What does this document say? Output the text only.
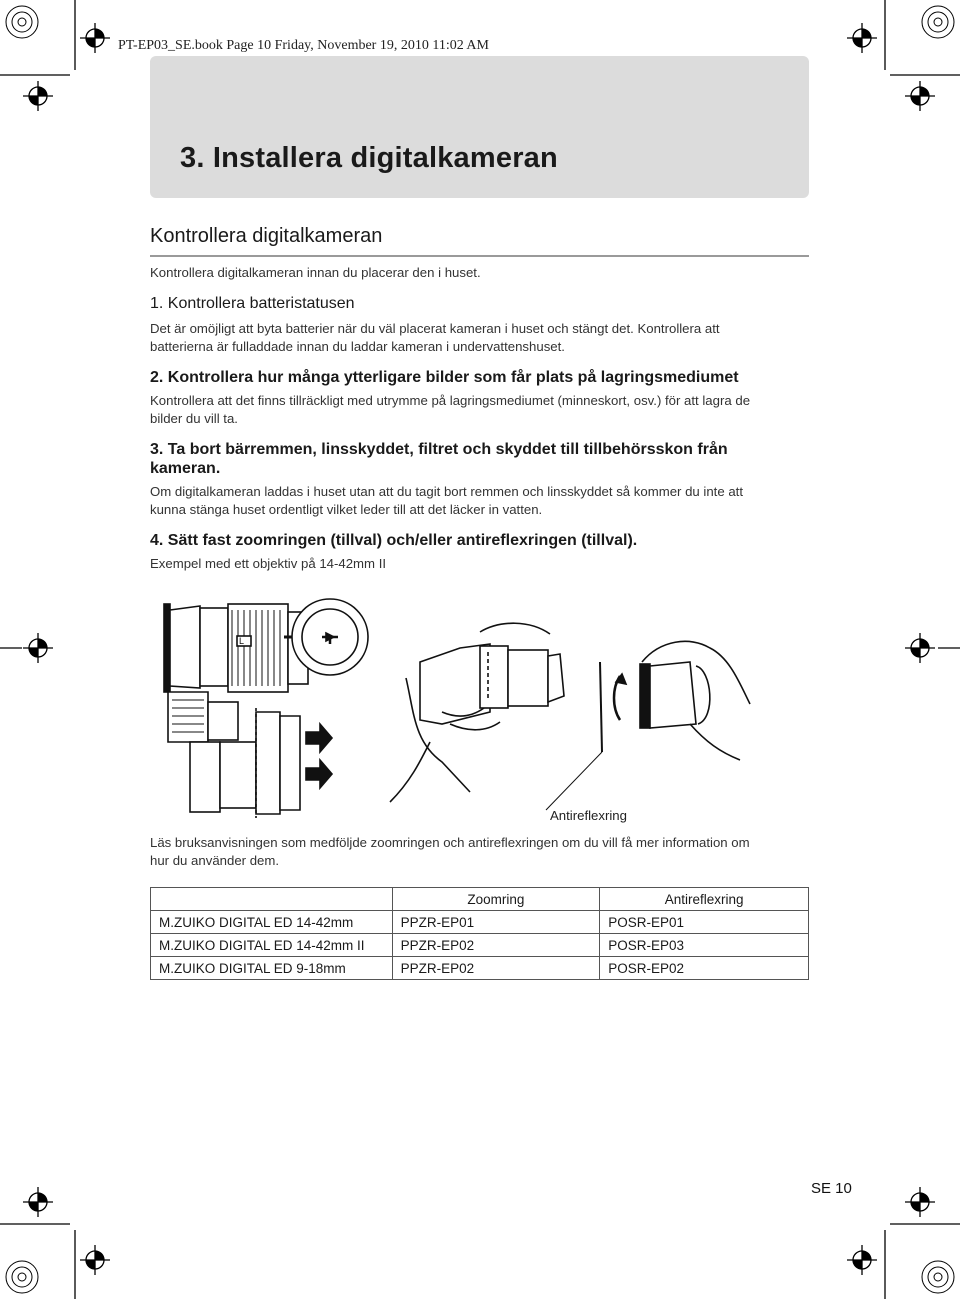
PT-EP03_SE.book Page 10 Friday, November 19, 2010 11:02 AM
3. Installera digitalkameran
Kontrollera digitalkameran
Kontrollera digitalkameran innan du placerar den i huset.
1. Kontrollera batteristatusen
Det är omöjligt att byta batterier när du väl placerat kameran i huset och stängt det. Kontrollera att
batterierna är fulladdade innan du laddar kameran i undervattenshuset.
2. Kontrollera hur många ytterligare bilder som får plats på lagringsmediumet
Kontrollera att det finns tillräckligt med utrymme på lagringsmediumet (minneskort, osv.) för att lagra de
bilder du vill ta.
3. Ta bort bärremmen, linsskyddet, filtret och skyddet till tillbehörsskon från
kameran.
Om digitalkameran laddas i huset utan att du tagit bort remmen och linsskyddet så kommer du inte att
kunna stänga huset ordentligt vilket leder till att det läcker in vatten.
4. Sätt fast zoomringen (tillval) och/eller antireflexringen (tillval).
Exempel med ett objektiv på 14-42mm II
L
Antireflexring
Läs bruksanvisningen som medföljde zoomringen och antireflexringen om du vill få mer information om
hur du använder dem.
	Zoomring	Antireflexring
M.ZUIKO DIGITAL ED 14-42mm	PPZR-EP01	POSR-EP01
M.ZUIKO DIGITAL ED 14-42mm II	PPZR-EP02	POSR-EP03
M.ZUIKO DIGITAL ED 9-18mm	PPZR-EP02	POSR-EP02
SE 10
